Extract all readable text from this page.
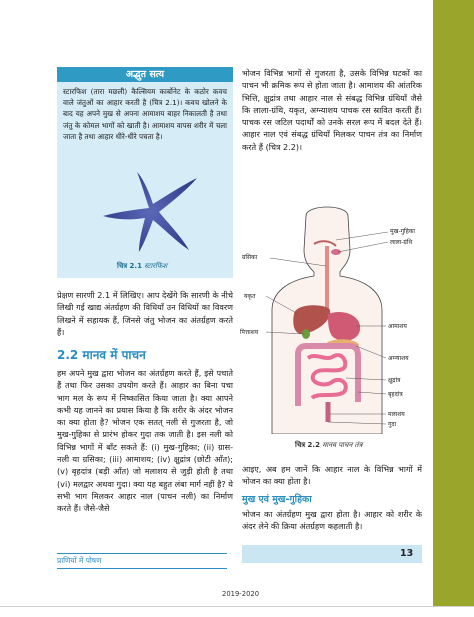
अद्भुत सत्य
स्टारफिश (तारा मछली) कैल्सियम कार्बोनेट के कठोर कवच वाले जंतुओं का आहार करती है (चित्र 2.1)। कवच खोलने के बाद यह अपने मुख से अपना आमाशय बाहर निकालती है तथा जंतु के कोमल भागों को खाती है। आमाशय वापस शरीर में चला जाता है तथा आहार धीरे-धीरे पचता है।
चित्र 2.1 स्टारफिश
प्रेक्षण सारणी 2.1 में लिखिए। आप देखेंगे कि सारणी के नीचे लिखी गई खाद्य अंतर्ग्रहण की विधियाँ उन विधियों का विवरण लिखने में सहायक हैं, जिनसे जंतु भोजन का अंतर्ग्रहण करते हैं।
2.2 मानव में पाचन
हम अपने मुख द्वारा भोजन का अंतर्ग्रहण करते हैं, इसे पचाते हैं तथा फिर उसका उपयोग करते हैं। आहार का बिना पचा भाग मल के रूप में निष्कासित किया जाता है। क्या आपने कभी यह जानने का प्रयास किया है कि शरीर के अंदर भोजन का क्या होता है? भोजन एक सतत् नली से गुजरता है, जो मुख-गुहिका से प्रारंभ होकर गुदा तक जाती है। इस नली को विभिन्न भागों में बाँट सकते हैं: (i) मुख-गुहिका; (ii) ग्रास-नली या ग्रसिका; (iii) आमाशय; (iv) क्षुद्रांत्र (छोटी आँत); (v) बृहदांत्र (बड़ी आँत) जो मलाशय से जुड़ी होती है तथा (vi) मलद्वार अथवा गुदा। क्या यह बहुत लंबा मार्ग नहीं है? ये सभी भाग मिलकर आहार नाल (पाचन नली) का निर्माण करते हैं। जैसे-जैसे
प्राणियों में पोषण
भोजन विभिन्न भागों से गुजरता है, उसके विभिन्न घटकों का पाचन भी क्रमिक रूप से होता जाता है। आमाशय की आंतरिक भित्ति, क्षुद्रांत्र तथा आहार नाल से संबद्ध विभिन्न ग्रंथियाँ जैसे कि लाला-ग्रंथि, यकृत, अग्न्याशय पाचक रस स्रावित करती हैं। पाचक रस जटिल पदार्थों को उनके सरल रूप में बदल देते हैं। आहार नाल एवं संबद्ध ग्रंथियाँ मिलकर पाचन तंत्र का निर्माण करते हैं (चित्र 2.2)।
मुख-गुहिका
लाला-ग्रंथि
ग्रसिका
यकृत
पित्ताशय
आमाशय
अग्न्याशय
क्षुद्रांत्र
बृहदांत्र
मलाशय
गुदा
चित्र 2.2 मानव पाचन तंत्र
आइए, अब हम जानें कि आहार नाल के विभिन्न भागों में भोजन का क्या होता है।
मुख एवं मुख-गुहिका
भोजन का अंतर्ग्रहण मुख द्वारा होता है। आहार को शरीर के अंदर लेने की क्रिया अंतर्ग्रहण कहलाती है।
13
2019-2020
